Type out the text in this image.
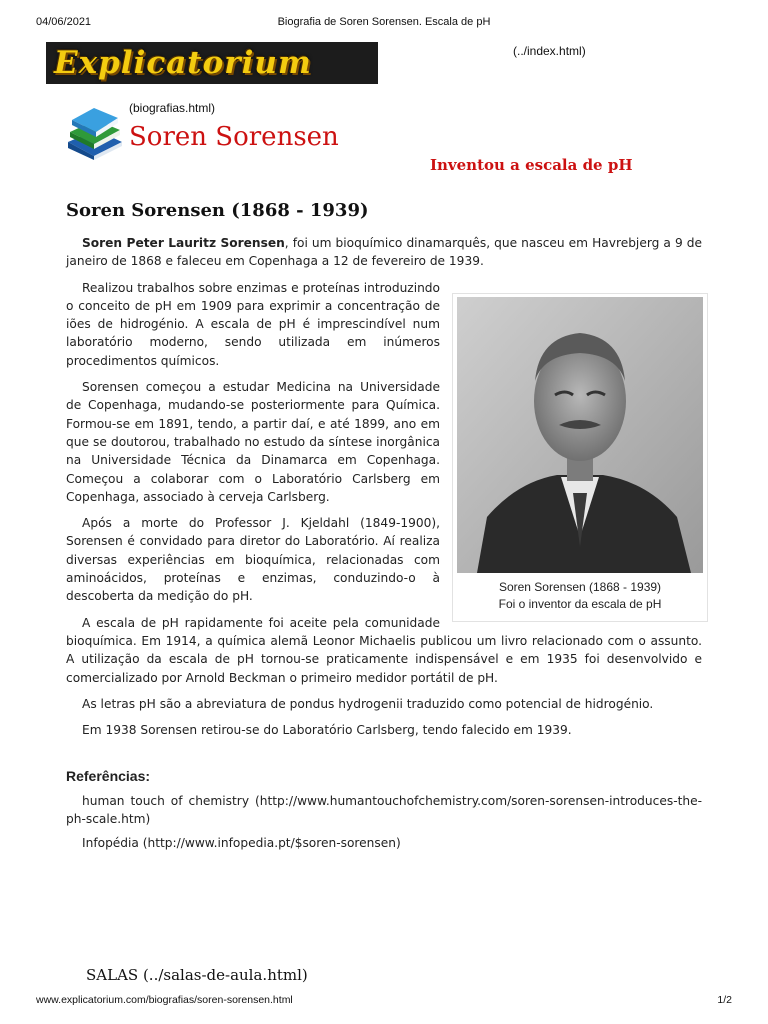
04/06/2021	Biografia de Soren Sorensen. Escala de pH
Explicatorium	(../index.html)
(biografias.html)
Soren Sorensen
Inventou a escala de pH
Soren Sorensen (1868 - 1939)

Soren Peter Lauritz Sorensen, foi um bioquímico dinamarquês, que nasceu em Havrebjerg a 9 de janeiro de 1868 e faleceu em Copenhaga a 12 de fevereiro de 1939.

Soren Sorensen (1868 - 1939)
Foi o inventor da escala de pH

Realizou trabalhos sobre enzimas e proteínas introduzindo o conceito de pH em 1909 para exprimir a concentração de iões de hidrogénio. A escala de pH é imprescindível num laboratório moderno, sendo utilizada em inúmeros procedimentos químicos.

Sorensen começou a estudar Medicina na Universidade de Copenhaga, mudando-se posteriormente para Química. Formou-se em 1891, tendo, a partir daí, e até 1899, ano em que se doutorou, trabalhado no estudo da síntese inorgânica na Universidade Técnica da Dinamarca em Copenhaga. Começou a colaborar com o Laboratório Carlsberg em Copenhaga, associado à cerveja Carlsberg.

Após a morte do Professor J. Kjeldahl (1849-1900), Sorensen é convidado para diretor do Laboratório. Aí realiza diversas experiências em bioquímica, relacionadas com aminoácidos, proteínas e enzimas, conduzindo-o à descoberta da medição do pH.

A escala de pH rapidamente foi aceite pela comunidade bioquímica. Em 1914, a química alemã Leonor Michaelis publicou um livro relacionado com o assunto. A utilização da escala de pH tornou-se praticamente indispensável e em 1935 foi desenvolvido e comercializado por Arnold Beckman o primeiro medidor portátil de pH.

As letras pH são a abreviatura de pondus hydrogenii traduzido como potencial de hidrogénio.

Em 1938 Sorensen retirou-se do Laboratório Carlsberg, tendo falecido em 1939.

Referências:

human touch of chemistry (http://www.humantouchofchemistry.com/soren-sorensen-introduces-the-ph-scale.htm)

Infopédia (http://www.infopedia.pt/$soren-sorensen)

SALAS (../salas-de-aula.html)
www.explicatorium.com/biografias/soren-sorensen.html	1/2
